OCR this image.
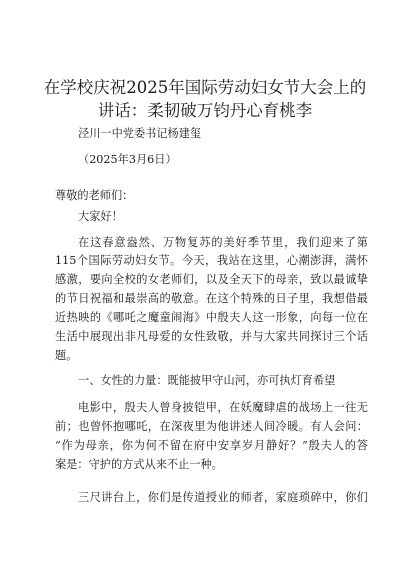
在学校庆祝2025年国际劳动妇女节大会上的
讲话：柔韧破万钧丹心育桃李
泾川一中党委书记杨建玺
（2025年3月6日）
尊敬的老师们：
大家好！
在这春意盎然、万物复苏的美好季节里，我们迎来了第
115个国际劳动妇女节。今天，我站在这里，心潮澎湃，满怀
感激，要向全校的女老师们，以及全天下的母亲，致以最诚挚
的节日祝福和最崇高的敬意。在这个特殊的日子里，我想借最
近热映的《哪吒之魔童闹海》中殷夫人这一形象，向每一位在
生活中展现出非凡母爱的女性致敬，并与大家共同探讨三个话
题。
一、女性的力量：既能披甲守山河，亦可执灯育希望
电影中，殷夫人曾身披铠甲，在妖魔肆虐的战场上一往无
前；也曾怀抱哪吒，在深夜里为他讲述人间冷暖。有人会问：
“作为母亲，你为何不留在府中安享岁月静好？”殷夫人的答
案是：守护的方式从来不止一种。
三尺讲台上，你们是传道授业的师者，家庭琐碎中，你们
